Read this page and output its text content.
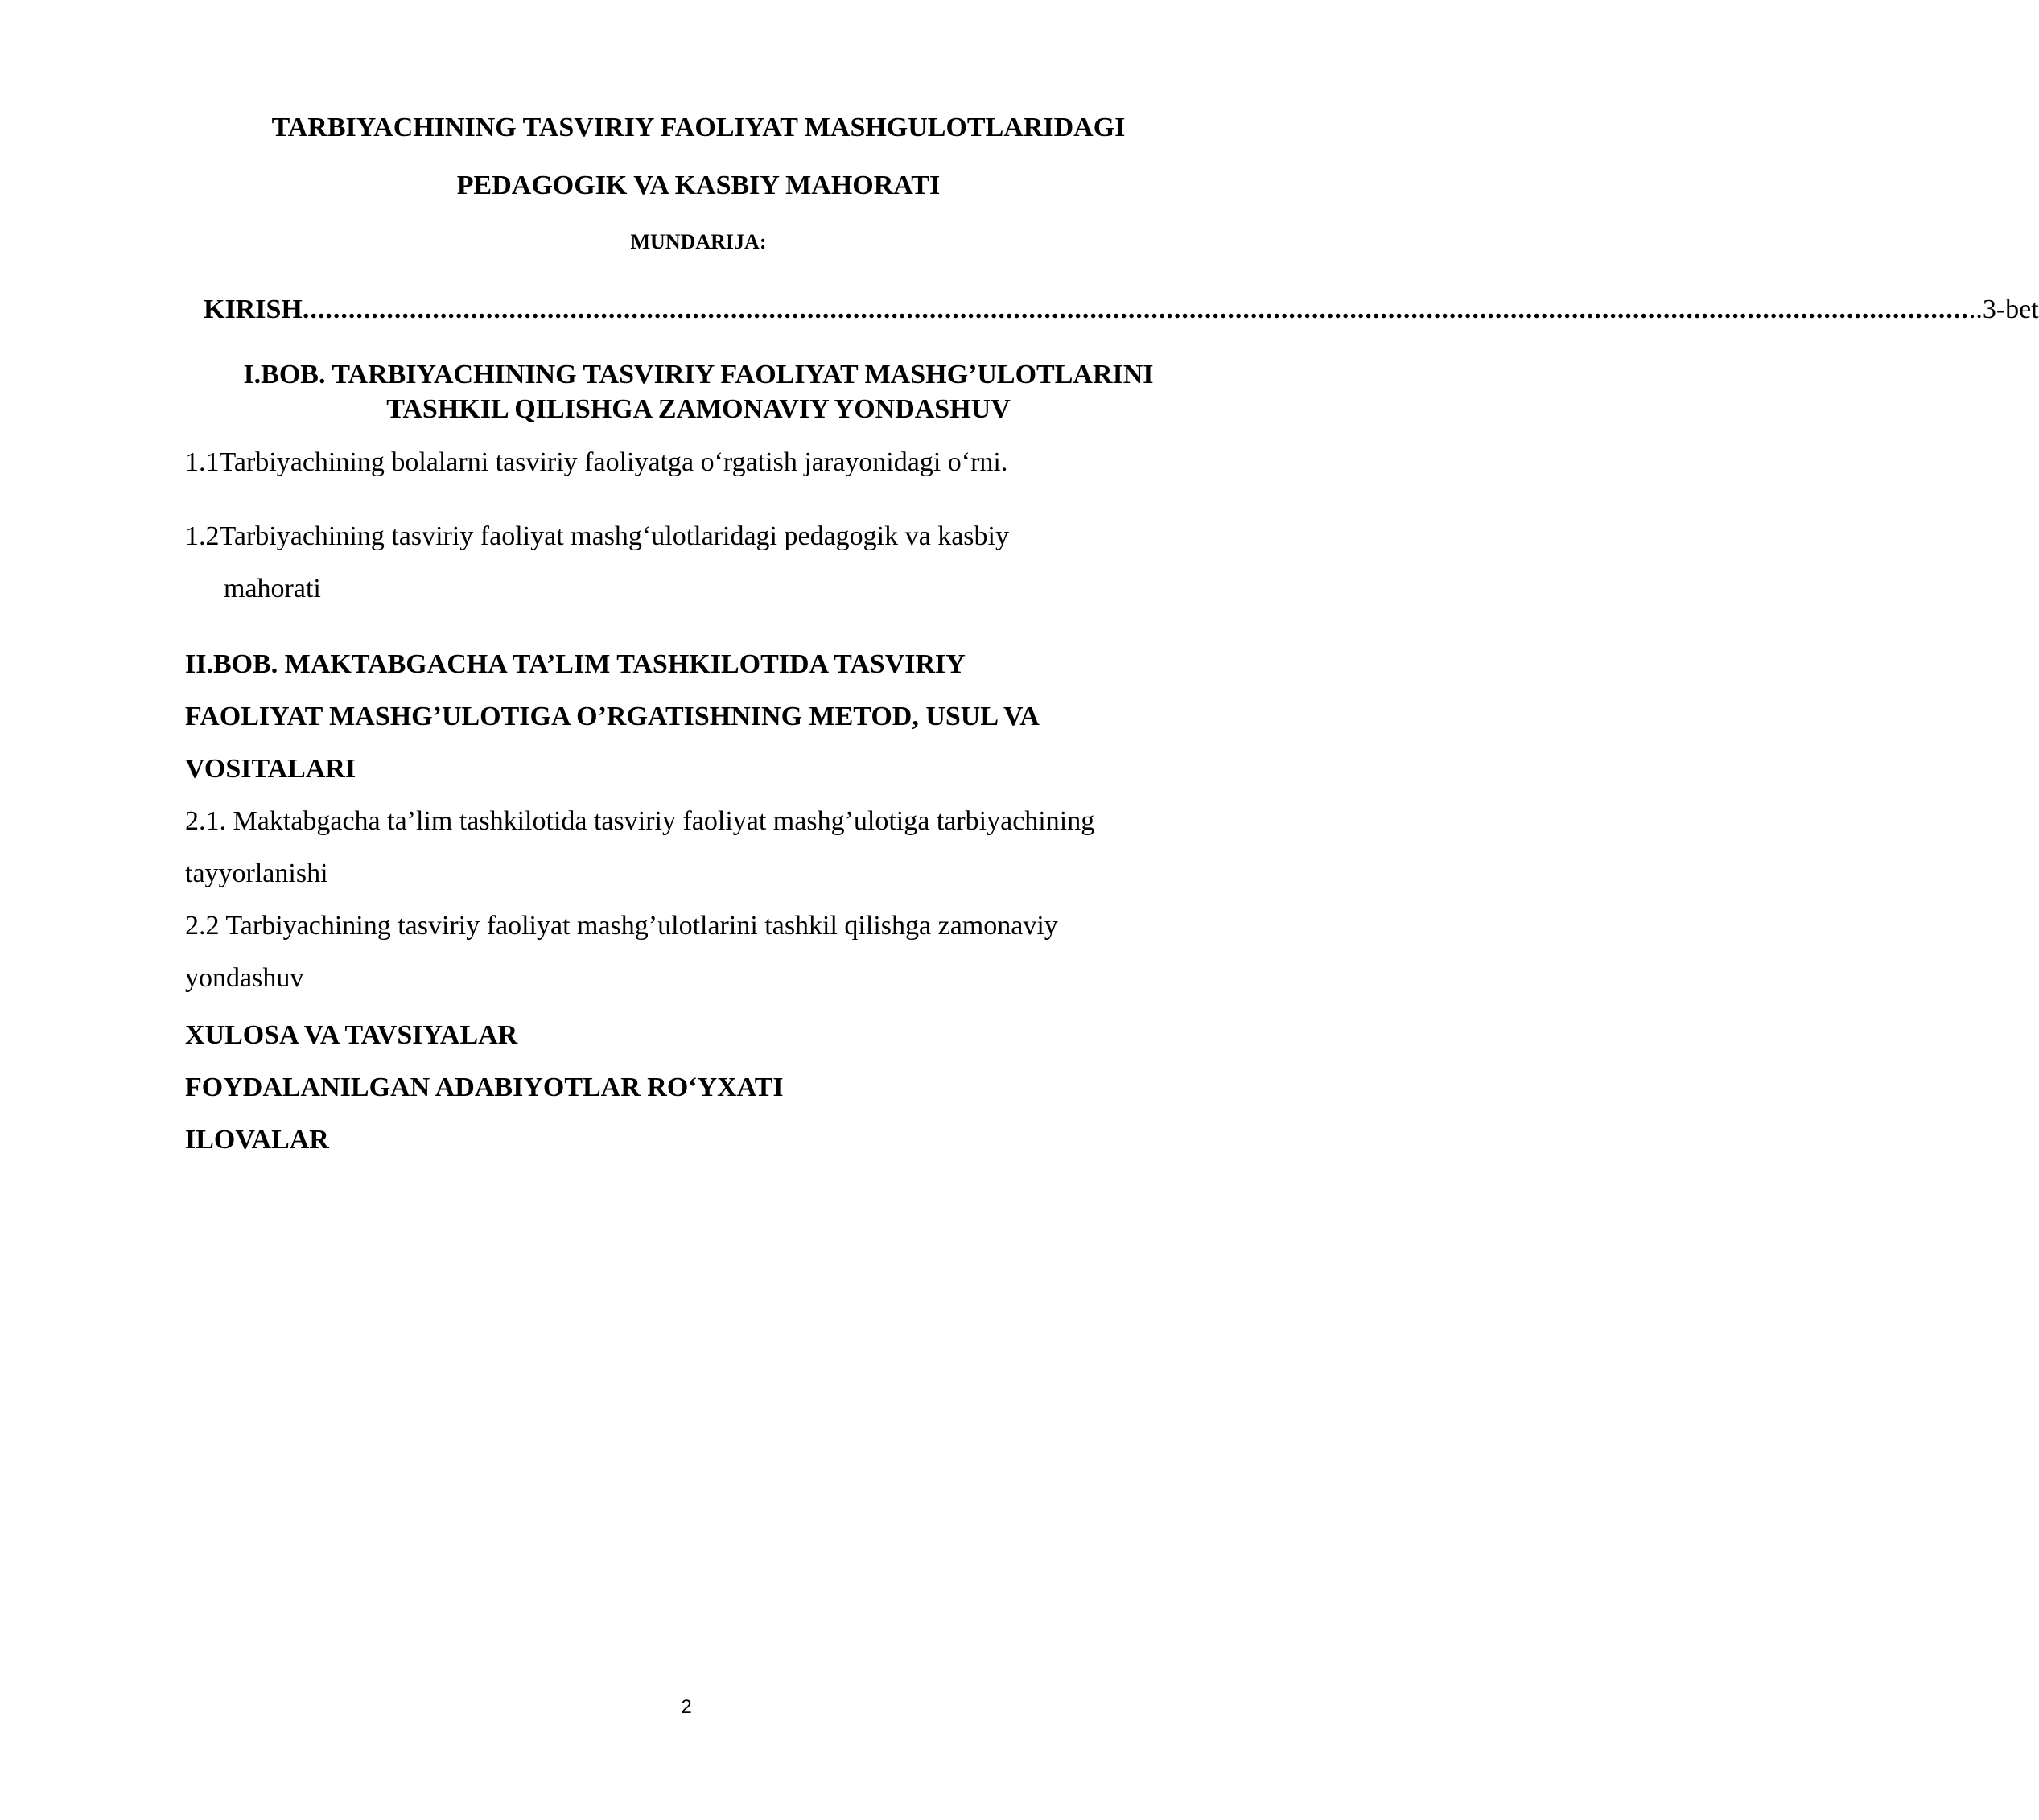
TARBIYACHINING TASVIRIY FAOLIYAT MASHGULOTLARIDAGI
PEDAGOGIK VA KASBIY MAHORATI
MUNDARIJA:
KIRISH .......................................................................................................................................................................................................................... ..3-bet
I.BOB. TARBIYACHINING TASVIRIY FAOLIYAT MASHG’ULOTLARINI
TASHKIL QILISHGA ZAMONAVIY YONDASHUV
1.1Tarbiyachining bolalarni tasviriy faoliyatga o‘rgatish jarayonidagi o‘rni.
1.2Tarbiyachining tasviriy faoliyat mashg‘ulotlaridagi pedagogik va kasbiy
mahorati
II.BOB. MAKTABGACHA TA’LIM TASHKILOTIDA TASVIRIY
FAOLIYAT MASHG’ULOTIGA O’RGATISHNING METOD, USUL VA
VOSITALARI
2.1. Maktabgacha ta’lim tashkilotida tasviriy faoliyat mashg’ulotiga tarbiyachining
tayyorlanishi
2.2 Tarbiyachining tasviriy faoliyat mashg’ulotlarini tashkil qilishga zamonaviy
yondashuv
XULOSA VA TAVSIYALAR
FOYDALANILGAN ADABIYOTLAR RO‘YXATI
ILOVALAR
2
